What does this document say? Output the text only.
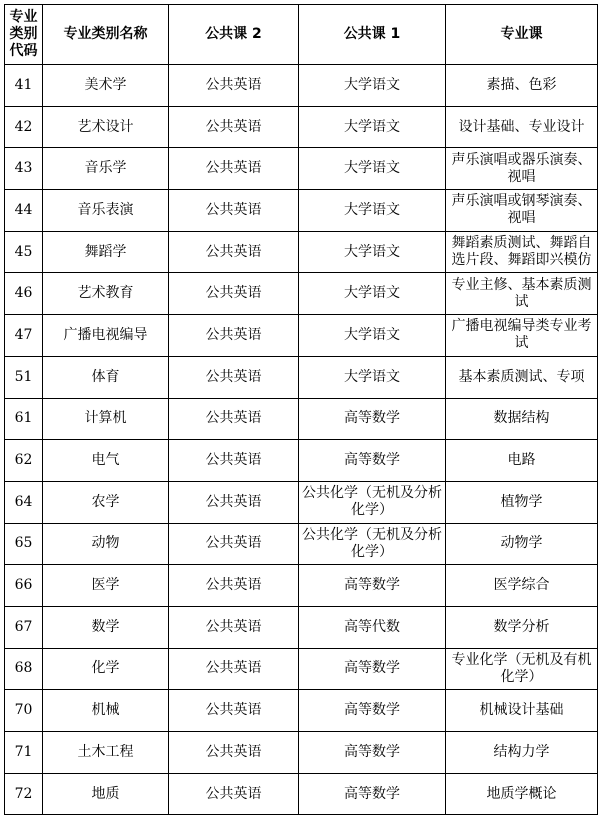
专业类别代码	专业类别名称	公共课 2	公共课 1	专业课
41	美术学	公共英语	大学语文	素描、色彩
42	艺术设计	公共英语	大学语文	设计基础、专业设计
43	音乐学	公共英语	大学语文	声乐演唱或器乐演奏、视唱
44	音乐表演	公共英语	大学语文	声乐演唱或钢琴演奏、视唱
45	舞蹈学	公共英语	大学语文	舞蹈素质测试、舞蹈自选片段、舞蹈即兴模仿
46	艺术教育	公共英语	大学语文	专业主修、基本素质测试
47	广播电视编导	公共英语	大学语文	广播电视编导类专业考试
51	体育	公共英语	大学语文	基本素质测试、专项
61	计算机	公共英语	高等数学	数据结构
62	电气	公共英语	高等数学	电路
64	农学	公共英语	公共化学（无机及分析化学）	植物学
65	动物	公共英语	公共化学（无机及分析化学）	动物学
66	医学	公共英语	高等数学	医学综合
67	数学	公共英语	高等代数	数学分析
68	化学	公共英语	高等数学	专业化学（无机及有机化学）
70	机械	公共英语	高等数学	机械设计基础
71	土木工程	公共英语	高等数学	结构力学
72	地质	公共英语	高等数学	地质学概论
